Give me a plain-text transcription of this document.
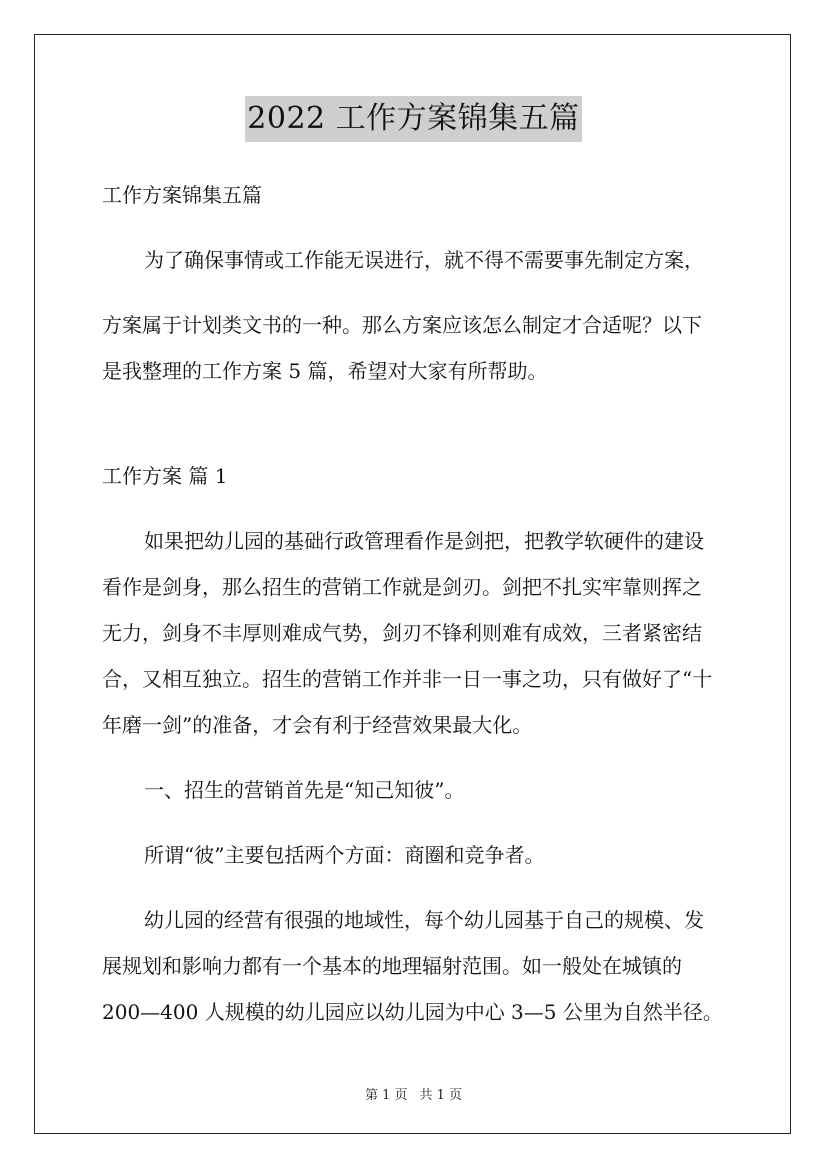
2022 工作方案锦集五篇
工作方案锦集五篇
为了确保事情或工作能无误进行，就不得不需要事先制定方案，
方案属于计划类文书的一种。那么方案应该怎么制定才合适呢？以下
是我整理的工作方案 5 篇，希望对大家有所帮助。
工作方案 篇 1
如果把幼儿园的基础行政管理看作是剑把，把教学软硬件的建设
看作是剑身，那么招生的营销工作就是剑刃。剑把不扎实牢靠则挥之
无力，剑身不丰厚则难成气势，剑刃不锋利则难有成效，三者紧密结
合，又相互独立。招生的营销工作并非一日一事之功，只有做好了“十
年磨一剑”的准备，才会有利于经营效果最大化。
一、招生的营销首先是“知己知彼”。
所谓“彼”主要包括两个方面：商圈和竞争者。
幼儿园的经营有很强的地域性，每个幼儿园基于自己的规模、发
展规划和影响力都有一个基本的地理辐射范围。如一般处在城镇的
200—400 人规模的幼儿园应以幼儿园为中心 3—5 公里为自然半径。
第 1 页 共 1 页
